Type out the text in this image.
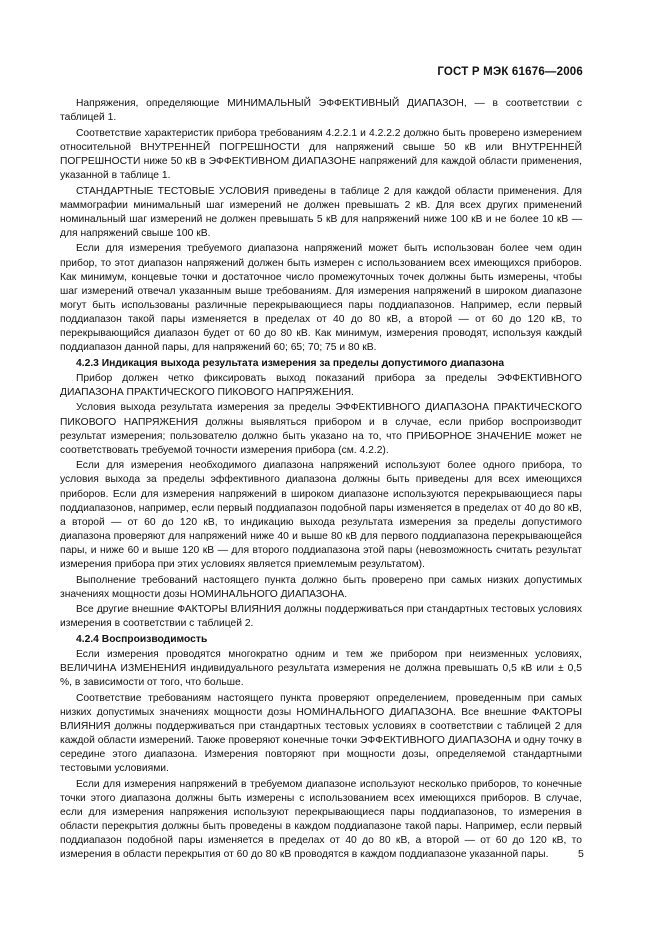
ГОСТ Р МЭК 61676—2006

Напряжения, определяющие МИНИМАЛЬНЫЙ ЭФФЕКТИВНЫЙ ДИАПАЗОН, — в соответствии с таблицей 1.

Соответствие характеристик прибора требованиям 4.2.2.1 и 4.2.2.2 должно быть проверено измерением относительной ВНУТРЕННЕЙ ПОГРЕШНОСТИ для напряжений свыше 50 кВ или ВНУТРЕННЕЙ ПОГРЕШНОСТИ ниже 50 кВ в ЭФФЕКТИВНОМ ДИАПАЗОНЕ напряжений для каждой области применения, указанной в таблице 1.

СТАНДАРТНЫЕ ТЕСТОВЫЕ УСЛОВИЯ приведены в таблице 2 для каждой области применения. Для маммографии минимальный шаг измерений не должен превышать 2 кВ. Для всех других применений номинальный шаг измерений не должен превышать 5 кВ для напряжений ниже 100 кВ и не более 10 кВ — для напряжений свыше 100 кВ.

Если для измерения требуемого диапазона напряжений может быть использован более чем один прибор, то этот диапазон напряжений должен быть измерен с использованием всех имеющихся приборов. Как минимум, концевые точки и достаточное число промежуточных точек должны быть измерены, чтобы шаг измерений отвечал указанным выше требованиям. Для измерения напряжений в широком диапазоне могут быть использованы различные перекрывающиеся пары поддиапазонов. Например, если первый поддиапазон такой пары изменяется в пределах от 40 до 80 кВ, а второй — от 60 до 120 кВ, то перекрывающийся диапазон будет от 60 до 80 кВ. Как минимум, измерения проводят, используя каждый поддиапазон данной пары, для напряжений 60; 65; 70; 75 и 80 кВ.

4.2.3 Индикация выхода результата измерения за пределы допустимого диапазона

Прибор должен четко фиксировать выход показаний прибора за пределы ЭФФЕКТИВНОГО ДИАПАЗОНА ПРАКТИЧЕСКОГО ПИКОВОГО НАПРЯЖЕНИЯ.

Условия выхода результата измерения за пределы ЭФФЕКТИВНОГО ДИАПАЗОНА ПРАКТИЧЕСКОГО ПИКОВОГО НАПРЯЖЕНИЯ должны выявляться прибором и в случае, если прибор воспроизводит результат измерения; пользователю должно быть указано на то, что ПРИБОРНОЕ ЗНАЧЕНИЕ может не соответствовать требуемой точности измерения прибора (см. 4.2.2).

Если для измерения необходимого диапазона напряжений используют более одного прибора, то условия выхода за пределы эффективного диапазона должны быть приведены для всех имеющихся приборов. Если для измерения напряжений в широком диапазоне используются перекрывающиеся пары поддиапазонов, например, если первый поддиапазон подобной пары изменяется в пределах от 40 до 80 кВ, а второй — от 60 до 120 кВ, то индикацию выхода результата измерения за пределы допустимого диапазона проверяют для напряжений ниже 40 и выше 80 кВ для первого поддиапазона перекрывающейся пары, и ниже 60 и выше 120 кВ — для второго поддиапазона этой пары (невозможность считать результат измерения прибора при этих условиях является приемлемым результатом).

Выполнение требований настоящего пункта должно быть проверено при самых низких допустимых значениях мощности дозы НОМИНАЛЬНОГО ДИАПАЗОНА.

Все другие внешние ФАКТОРЫ ВЛИЯНИЯ должны поддерживаться при стандартных тестовых условиях измерения в соответствии с таблицей 2.

4.2.4 Воспроизводимость

Если измерения проводятся многократно одним и тем же прибором при неизменных условиях, ВЕЛИЧИНА ИЗМЕНЕНИЯ индивидуального результата измерения не должна превышать 0,5 кВ или ± 0,5 %, в зависимости от того, что больше.

Соответствие требованиям настоящего пункта проверяют определением, проведенным при самых низких допустимых значениях мощности дозы НОМИНАЛЬНОГО ДИАПАЗОНА. Все внешние ФАКТОРЫ ВЛИЯНИЯ должны поддерживаться при стандартных тестовых условиях в соответствии с таблицей 2 для каждой области измерений. Также проверяют конечные точки ЭФФЕКТИВНОГО ДИАПАЗОНА и одну точку в середине этого диапазона. Измерения повторяют при мощности дозы, определяемой стандартными тестовыми условиями.

Если для измерения напряжений в требуемом диапазоне используют несколько приборов, то конечные точки этого диапазона должны быть измерены с использованием всех имеющихся приборов. В случае, если для измерения напряжения используют перекрывающиеся пары поддиапазонов, то измерения в области перекрытия должны быть проведены в каждом поддиапазоне такой пары. Например, если первый поддиапазон подобной пары изменяется в пределах от 40 до 80 кВ, а второй — от 60 до 120 кВ, то измерения в области перекрытия от 60 до 80 кВ проводятся в каждом поддиапазоне указанной пары.	5
